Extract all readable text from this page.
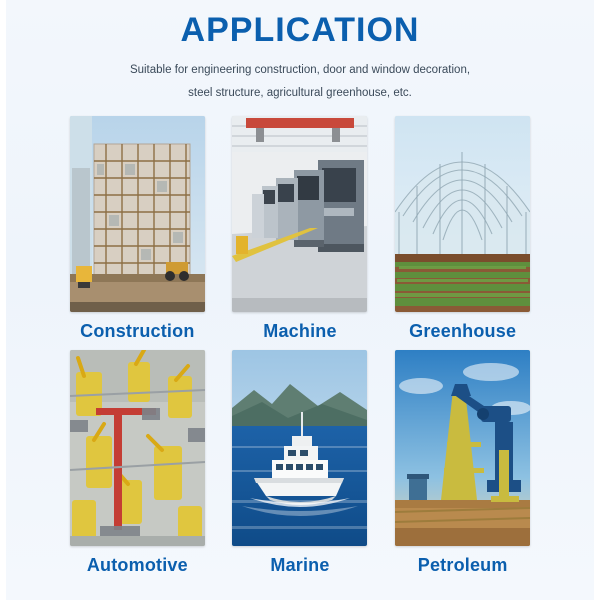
APPLICATION
Suitable for engineering construction, door and window decoration,
steel structure, agricultural greenhouse, etc.
Construction	Machine	Greenhouse
Automotive	Marine	Petroleum
